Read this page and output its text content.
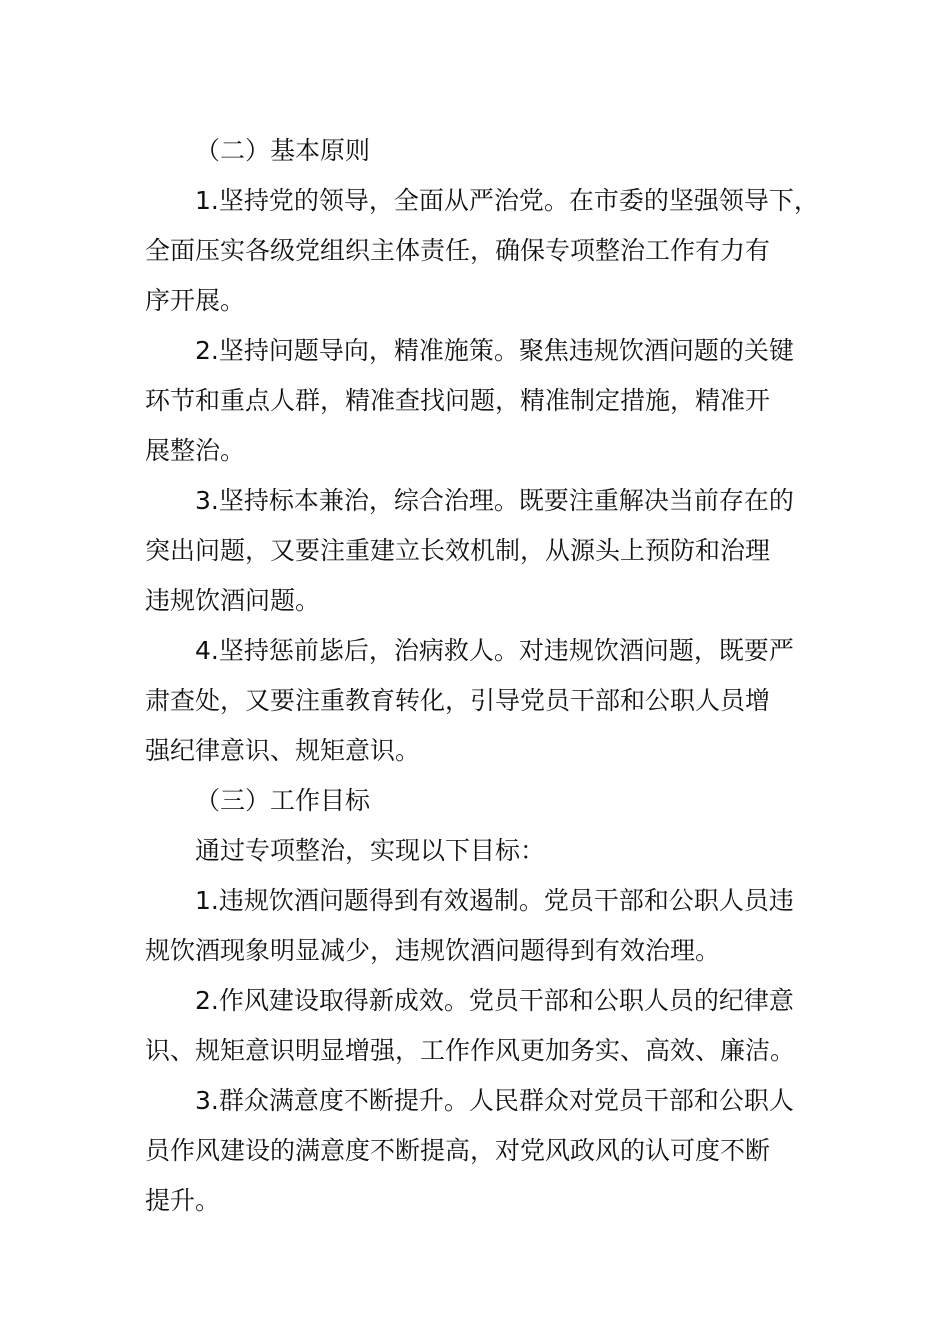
（二）基本原则
1.坚持党的领导，全面从严治党。在市委的坚强领导下，
全面压实各级党组织主体责任，确保专项整治工作有力有
序开展。
2.坚持问题导向，精准施策。聚焦违规饮酒问题的关键
环节和重点人群，精准查找问题，精准制定措施，精准开
展整治。
3.坚持标本兼治，综合治理。既要注重解决当前存在的
突出问题，又要注重建立长效机制，从源头上预防和治理
违规饮酒问题。
4.坚持惩前毖后，治病救人。对违规饮酒问题，既要严
肃查处，又要注重教育转化，引导党员干部和公职人员增
强纪律意识、规矩意识。
（三）工作目标
通过专项整治，实现以下目标：
1.违规饮酒问题得到有效遏制。党员干部和公职人员违
规饮酒现象明显减少，违规饮酒问题得到有效治理。
2.作风建设取得新成效。党员干部和公职人员的纪律意
识、规矩意识明显增强，工作作风更加务实、高效、廉洁。
3.群众满意度不断提升。人民群众对党员干部和公职人
员作风建设的满意度不断提高，对党风政风的认可度不断
提升。
